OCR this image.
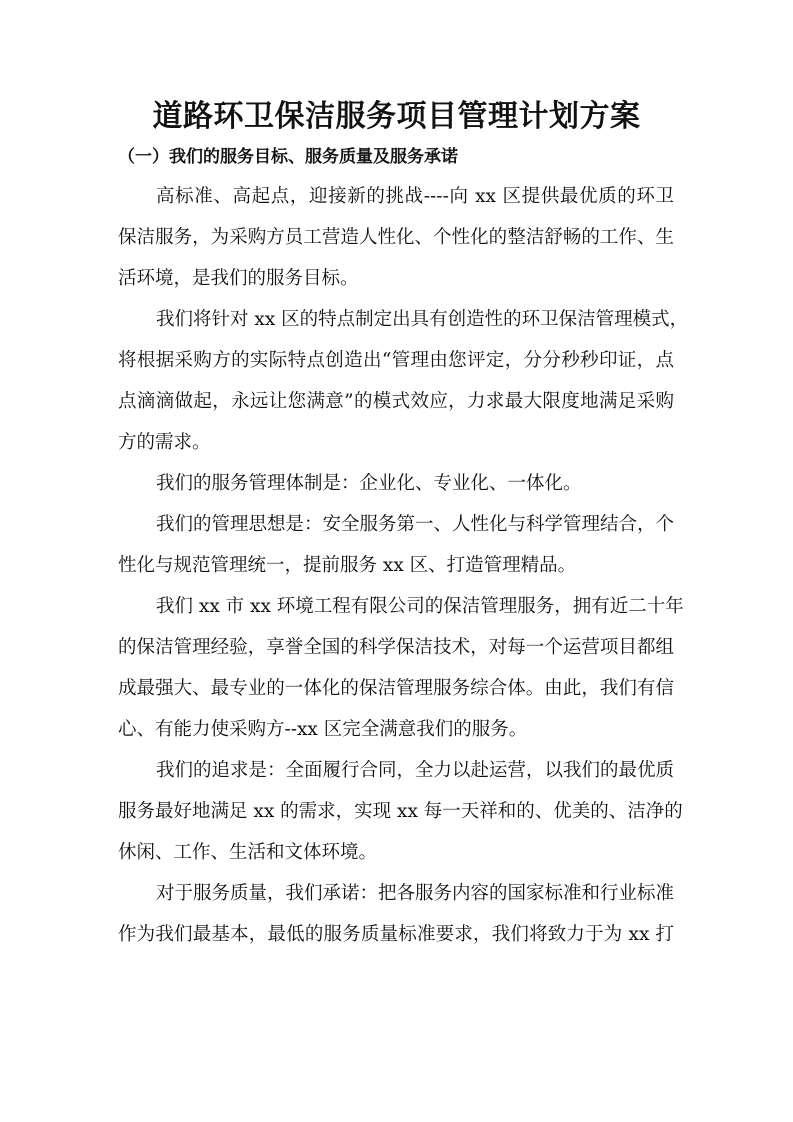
道路环卫保洁服务项目管理计划方案
（一）我们的服务目标、服务质量及服务承诺
高标准、高起点，迎接新的挑战----向 xx 区提供最优质的环卫
保洁服务，为采购方员工营造人性化、个性化的整洁舒畅的工作、生
活环境，是我们的服务目标。
我们将针对 xx 区的特点制定出具有创造性的环卫保洁管理模式，
将根据采购方的实际特点创造出“管理由您评定，分分秒秒印证，点
点滴滴做起，永远让您满意”的模式效应，力求最大限度地满足采购
方的需求。
我们的服务管理体制是：企业化、专业化、一体化。
我们的管理思想是：安全服务第一、人性化与科学管理结合，个
性化与规范管理统一，提前服务 xx 区、打造管理精品。
我们 xx 市 xx 环境工程有限公司的保洁管理服务，拥有近二十年
的保洁管理经验，享誉全国的科学保洁技术，对每一个运营项目都组
成最强大、最专业的一体化的保洁管理服务综合体。由此，我们有信
心、有能力使采购方--xx 区完全满意我们的服务。
我们的追求是：全面履行合同，全力以赴运营，以我们的最优质
服务最好地满足 xx 的需求，实现 xx 每一天祥和的、优美的、洁净的
休闲、工作、生活和文体环境。
对于服务质量，我们承诺：把各服务内容的国家标准和行业标准
作为我们最基本，最低的服务质量标准要求，我们将致力于为 xx 打
